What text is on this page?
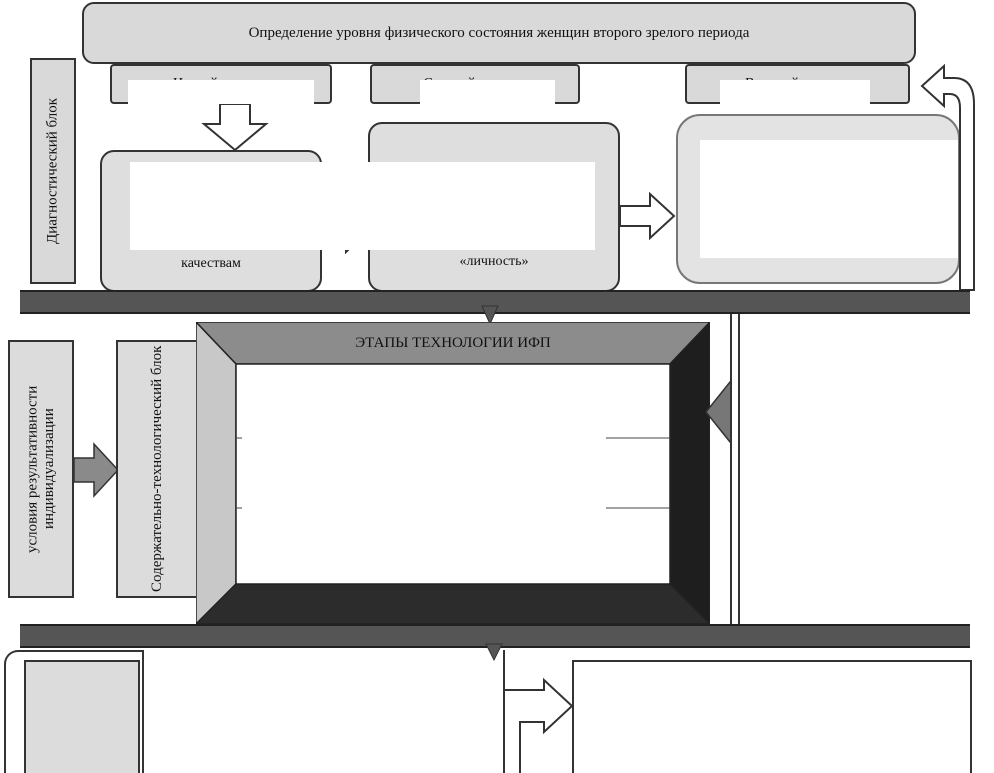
Определение уровня физического состояния женщин второго зрелого периода
Диагностический блок
качествам	

«личность»
условия результативности индивидуализации	Содержательно-технологический блок
ЭТАПЫ ТЕХНОЛОГИИ ИФП
